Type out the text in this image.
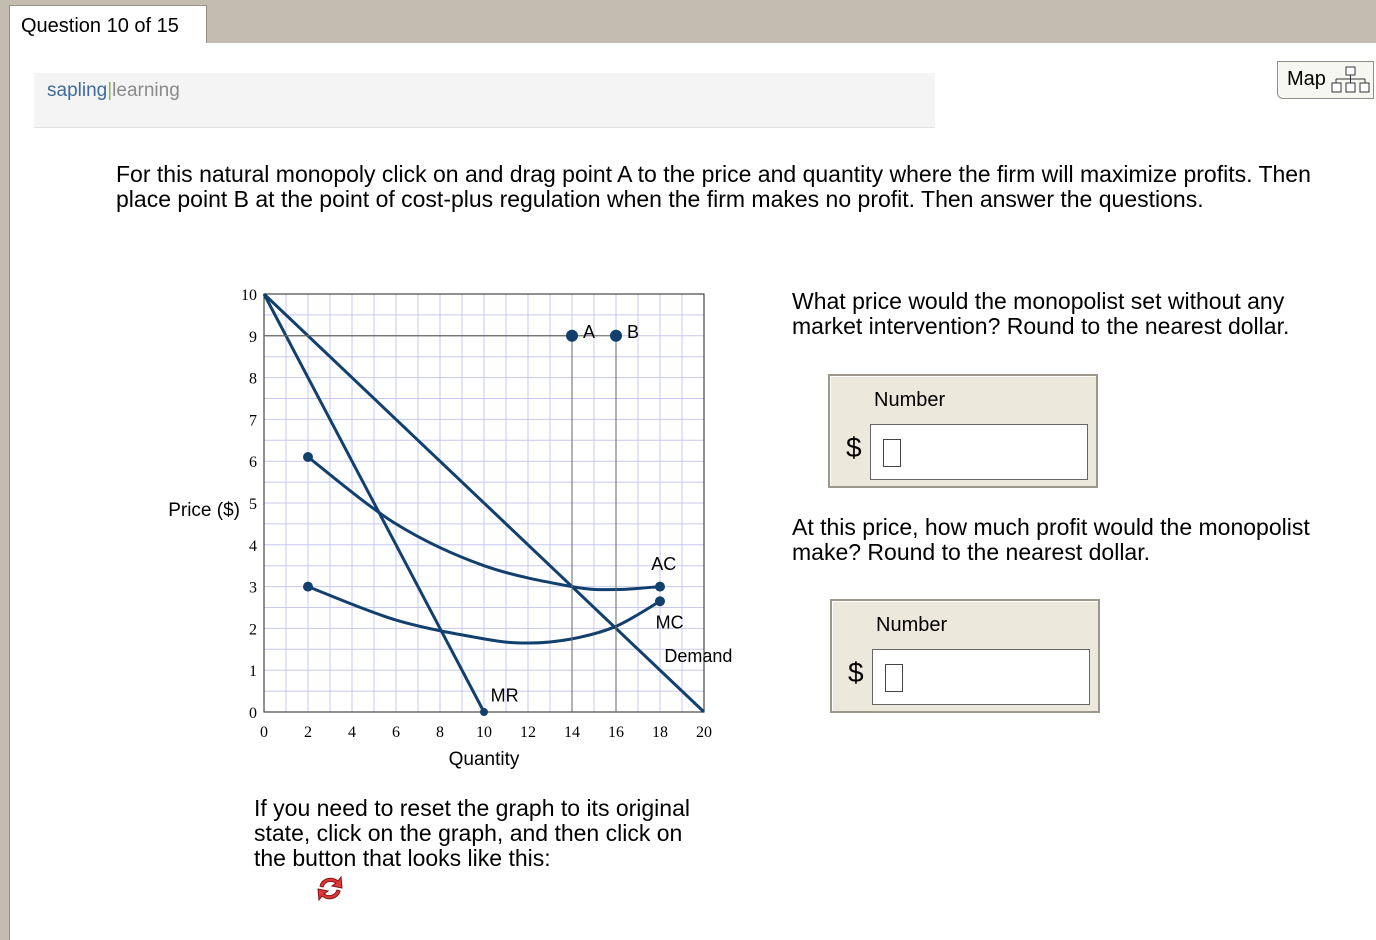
Question 10 of 15
sapling|learning
Map
For this natural monopoly click on and drag point A to the price and quantity where the firm will maximize profits. Then place point B at the point of cost-plus regulation when the firm makes no profit. Then answer the questions.
0 2 4 6 8 10 12 14 16 18 20
0
1
2
3
4
5
6
7
8
9
10
Quantity
Price ($)
Demand
MR
AC
MC
A B
What price would the monopolist set without any market intervention? Round to the nearest dollar.
Number
$
At this price, how much profit would the monopolist make? Round to the nearest dollar.
Number
$
If you need to reset the graph to its original state, click on the graph, and then click on the button that looks like this:
